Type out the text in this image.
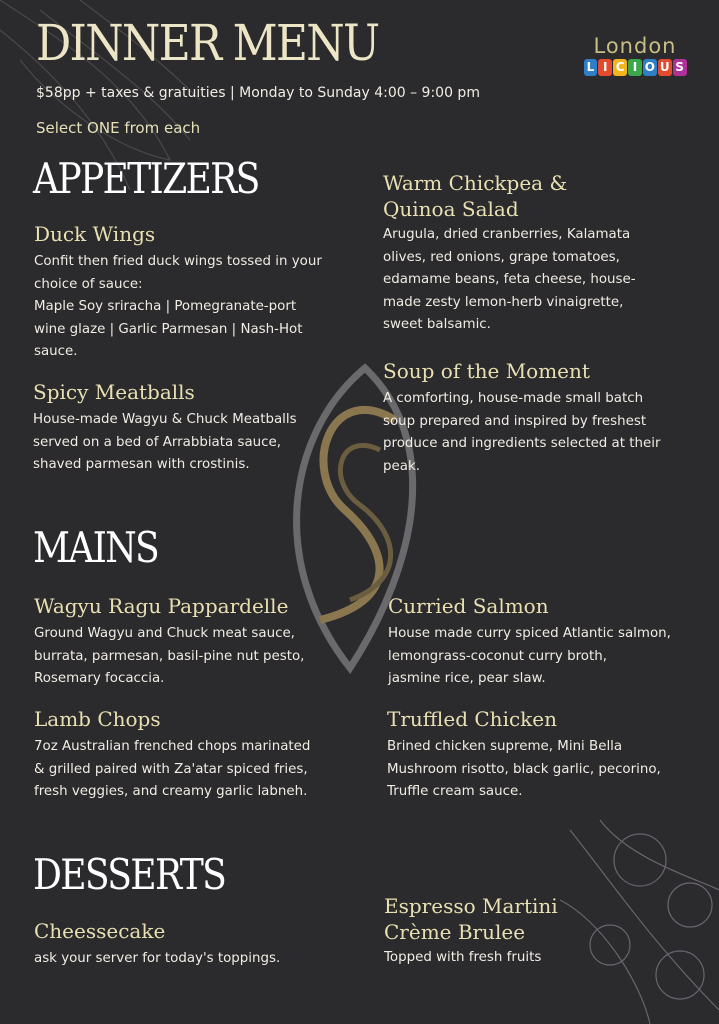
DINNER MENU
$58pp + taxes & gratuities | Monday to Sunday 4:00 – 9:00 pm
Select ONE from each
London
L I C I O U S
APPETIZERS
Duck Wings

Confit then fried duck wings tossed in your
choice of sauce:
Maple Soy sriracha | Pomegranate-port
wine glaze | Garlic Parmesan | Nash-Hot
sauce.

Spicy Meatballs

House-made Wagyu & Chuck Meatballs
served on a bed of Arrabbiata sauce,
shaved parmesan with crostinis.

Warm Chickpea &
Quinoa Salad

Arugula, dried cranberries, Kalamata
olives, red onions, grape tomatoes,
edamame beans, feta cheese, house-
made zesty lemon-herb vinaigrette,
sweet balsamic.

Soup of the Moment

A comforting, house-made small batch
soup prepared and inspired by freshest
produce and ingredients selected at their
peak.

MAINS
Wagyu Ragu Pappardelle

Ground Wagyu and Chuck meat sauce,
burrata, parmesan, basil-pine nut pesto,
Rosemary focaccia.

Lamb Chops

7oz Australian frenched chops marinated
& grilled paired with Za'atar spiced fries,
fresh veggies, and creamy garlic labneh.

Curried Salmon

House made curry spiced Atlantic salmon,
lemongrass-coconut curry broth,
jasmine rice, pear slaw.

Truffled Chicken

Brined chicken supreme, Mini Bella
Mushroom risotto, black garlic, pecorino,
Truffle cream sauce.

DESSERTS
Cheessecake

ask your server for today's toppings.

Espresso Martini
Crème Brulee

Topped with fresh fruits
